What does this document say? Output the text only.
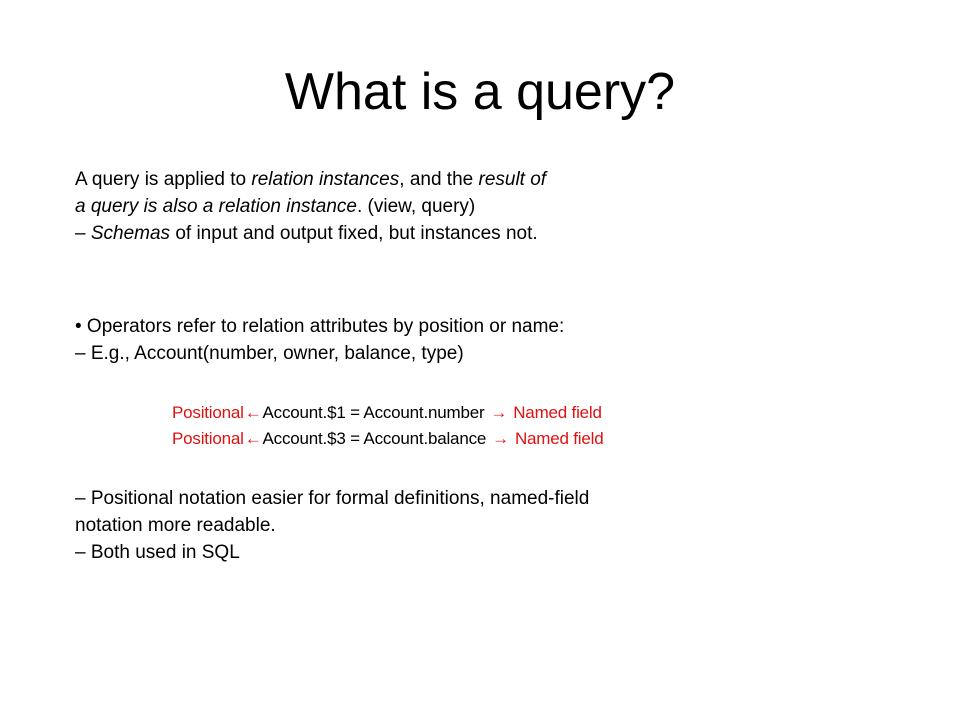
What is a query?
A query is applied to relation instances, and the result of
a query is also a relation instance. (view, query)
– Schemas of input and output fixed, but instances not.
• Operators refer to relation attributes by position or name:
– E.g., Account(number, owner, balance, type)
Positional←Account.$1 = Account.number → Named field
Positional←Account.$3 = Account.balance → Named field
– Positional notation easier for formal definitions, named-field
notation more readable.
– Both used in SQL
